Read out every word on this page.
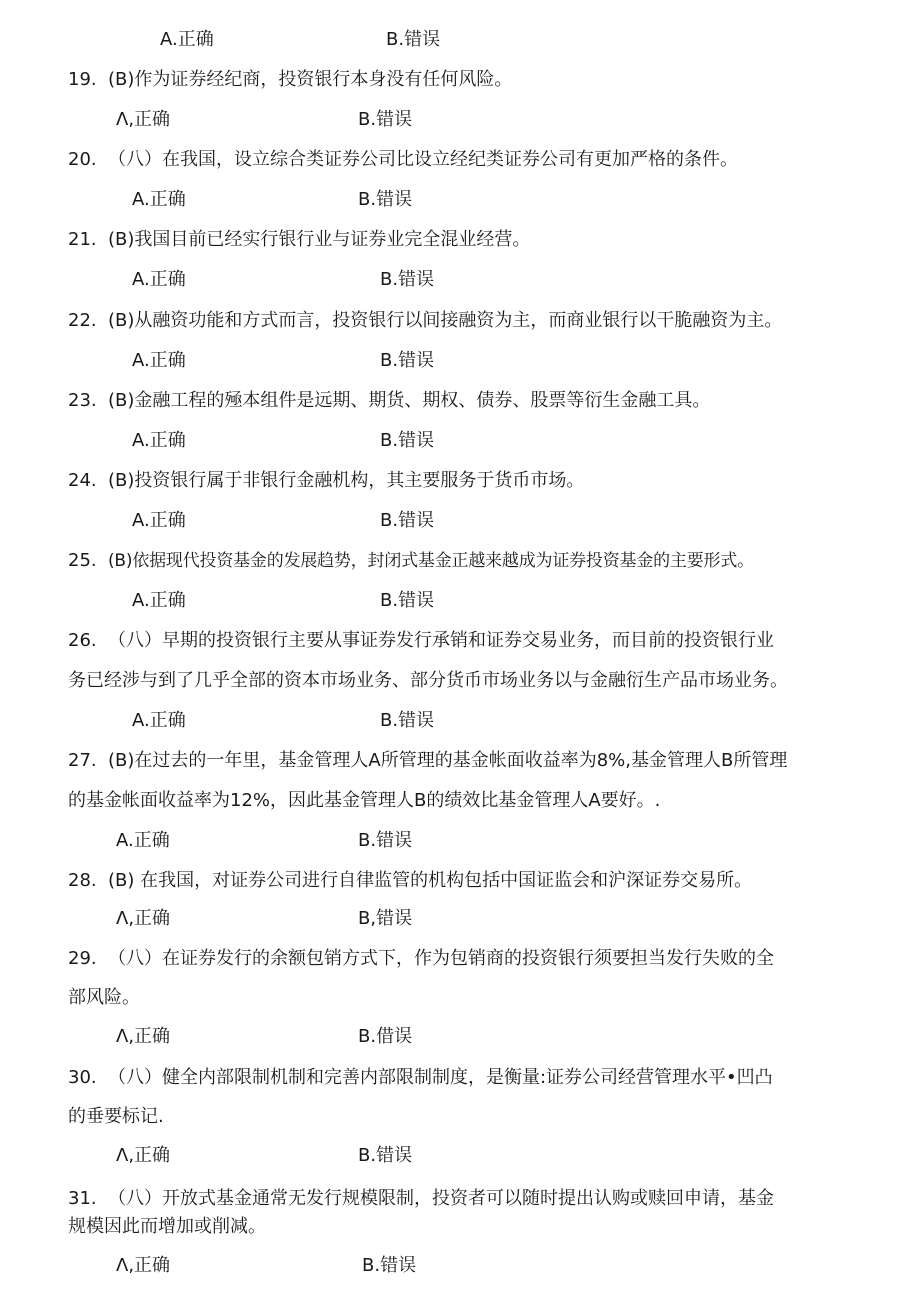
A.正确	B.错误
19. (B)作为证券经纪商，投资银行本身没有任何风险。
Λ,正确	B.错误
20. （八）在我国，设立综合类证券公司比设立经纪类证券公司有更加严格的条件。
A.正确	B.错误
21. (B)我国目前已经实行银行业与证券业完全混业经营。
A.正确	B.错误
22. (B)从融资功能和方式而言，投资银行以间接融资为主，而商业银行以干脆融资为主。
A.正确	B.错误
23. (B)金融工程的殛本组件是远期、期货、期权、债券、股票等衍生金融工具。
A.正确	B.错误
24. (B)投资银行属于非银行金融机构，其主要服务于货币市场。
A.正确	B.错误
25. (B)依据现代投资基金的发展趋势，封闭式基金正越来越成为证券投资基金的主要形式。
A.正确	B.错误
26. （八）早期的投资银行主要从事证券发行承销和证券交易业务，而目前的投资银行业
务已经涉与到了几乎全部的资本市场业务、部分货币市场业务以与金融衍生产品市场业务。
A.正确	B.错误
27. (B)在过去的一年里，基金管理人A所管理的基金帐面收益率为8%,基金管理人B所管理
的基金帐面收益率为12%，因此基金管理人B的绩效比基金管理人A要好。.
A.正确	B.错误
28. (B) 在我国，对证券公司进行自律监管的机构包括中国证监会和沪深证券交易所。
Λ,正确	B,错误
29. （八）在证券发行的余额包销方式下，作为包销商的投资银行须要担当发行失败的全
部风险。
Λ,正确	B.借误
30. （八）健全内部限制机制和完善内部限制制度，是衡量:证券公司经营管理水平•凹凸
的垂要标记.
Λ,正确	B.错误
31. （八）开放式基金通常无发行规模限制，投资者可以随时提出认购或赎回申请，基金
规模因此而增加或削减。
Λ,正确	B.错误
